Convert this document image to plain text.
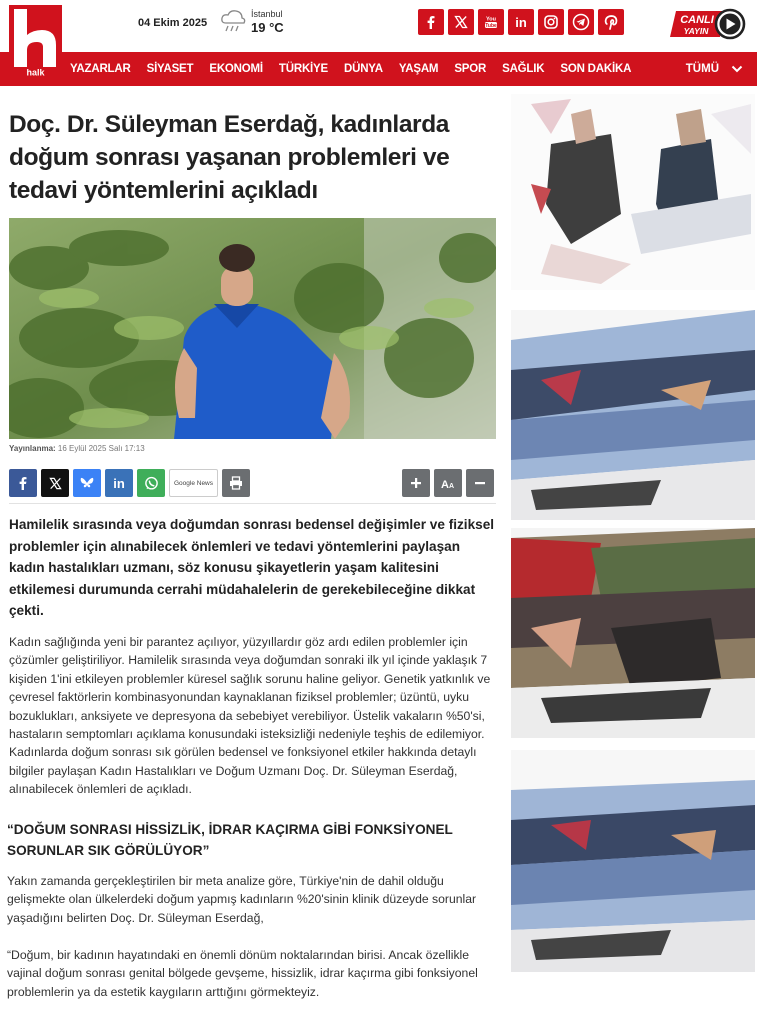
halk
04 Ekim 2025
İstanbul
19 °C
You
Tube in	CANLI
YAYIN
YAZARLAR SİYASET EKONOMİ TÜRKİYE DÜNYA YAŞAM SPOR SAĞLIK SON DAKİKA	TÜMÜ
Doç. Dr. Süleyman Eserdağ, kadınlarda doğum sonrası yaşanan problemleri ve tedavi yöntemlerini açıkladı
Yayınlanma: 16 Eylül 2025 Salı 17:13
in	Google News	A A

Hamilelik sırasında veya doğumdan sonrası bedensel değişimler ve fiziksel problemler için alınabilecek önlemleri ve tedavi yöntemlerini paylaşan kadın hastalıkları uzmanı, söz konusu şikayetlerin yaşam kalitesini etkilemesi durumunda cerrahi müdahalelerin de gerekebileceğine dikkat çekti.

Kadın sağlığında yeni bir parantez açılıyor, yüzyıllardır göz ardı edilen problemler için çözümler geliştiriliyor. Hamilelik sırasında veya doğumdan sonraki ilk yıl içinde yaklaşık 7 kişiden 1'ini etkileyen problemler küresel sağlık sorunu haline geliyor. Genetik yatkınlık ve çevresel faktörlerin kombinasyonundan kaynaklanan fiziksel problemler; üzüntü, uyku bozuklukları, anksiyete ve depresyona da sebebiyet verebiliyor. Üstelik vakaların %50'si, hastaların semptomları açıklama konusundaki isteksizliği nedeniyle teşhis de edilemiyor. Kadınlarda doğum sonrası sık görülen bedensel ve fonksiyonel etkiler hakkında detaylı bilgiler paylaşan Kadın Hastalıkları ve Doğum Uzmanı Doç. Dr. Süleyman Eserdağ, alınabilecek önlemleri de açıkladı.

“DOĞUM SONRASI HİSSİZLİK, İDRAR KAÇIRMA GİBİ FONKSİYONEL SORUNLAR SIK GÖRÜLÜYOR”

Yakın zamanda gerçekleştirilen bir meta analize göre, Türkiye'nin de dahil olduğu gelişmekte olan ülkelerdeki doğum yapmış kadınların %20'sinin klinik düzeyde sorunlar yaşadığını belirten Doç. Dr. Süleyman Eserdağ,

“Doğum, bir kadının hayatındaki en önemli dönüm noktalarından birisi. Ancak özellikle vajinal doğum sonrası genital bölgede gevşeme, hissizlik, idrar kaçırma gibi fonksiyonel problemlerin ya da estetik kaygıların arttığını görmekteyiz.
